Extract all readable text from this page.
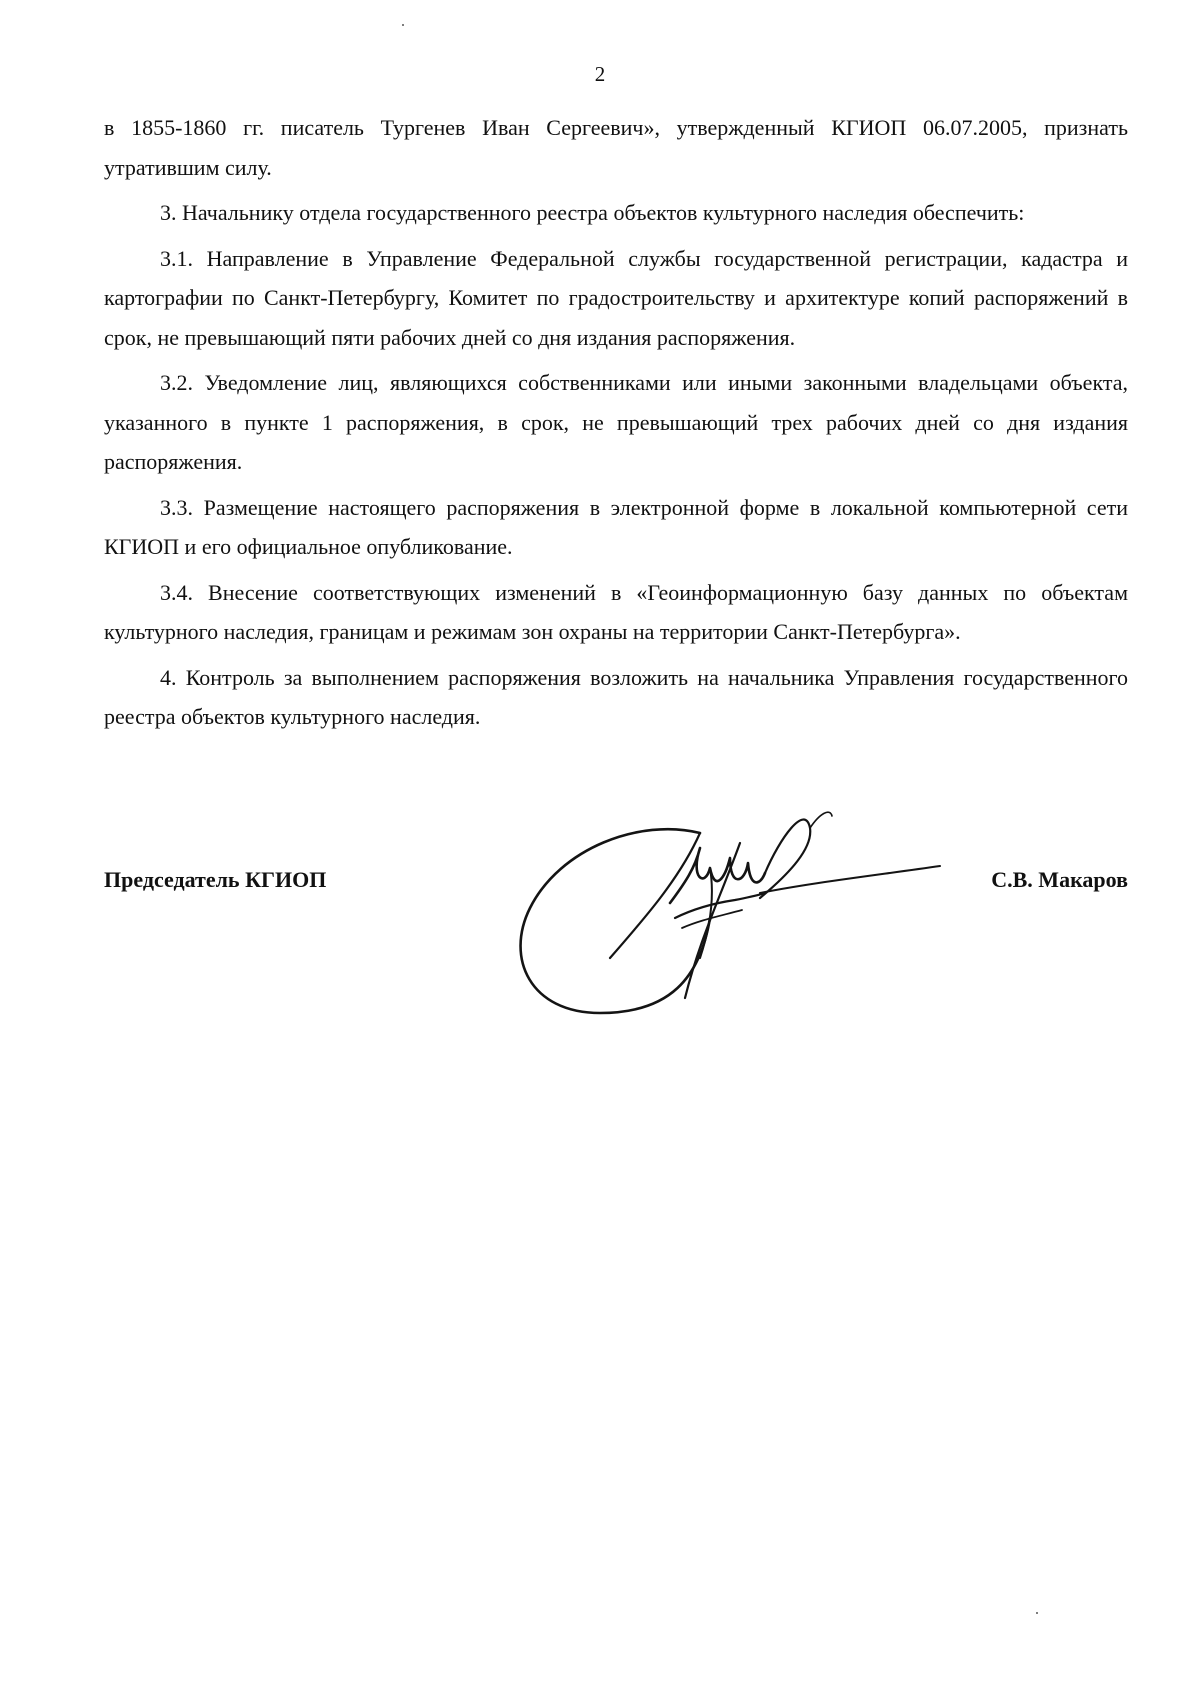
2

в 1855-1860 гг. писатель Тургенев Иван Сергеевич», утвержденный КГИОП 06.07.2005, признать утратившим силу.

3. Начальнику отдела государственного реестра объектов культурного наследия обеспечить:

3.1. Направление в Управление Федеральной службы государственной регистрации, кадастра и картографии по Санкт-Петербургу, Комитет по градостроительству и архитектуре копий распоряжений в срок, не превышающий пяти рабочих дней со дня издания распоряжения.

3.2. Уведомление лиц, являющихся собственниками или иными законными владельцами объекта, указанного в пункте 1 распоряжения, в срок, не превышающий трех рабочих дней со дня издания распоряжения.

3.3. Размещение настоящего распоряжения в электронной форме в локальной компьютерной сети КГИОП и его официальное опубликование.

3.4. Внесение соответствующих изменений в «Геоинформационную базу данных по объектам культурного наследия, границам и режимам зон охраны на территории Санкт-Петербурга».

4. Контроль за выполнением распоряжения возложить на начальника Управления государственного реестра объектов культурного наследия.

Председатель КГИОП	С.В. Макаров
